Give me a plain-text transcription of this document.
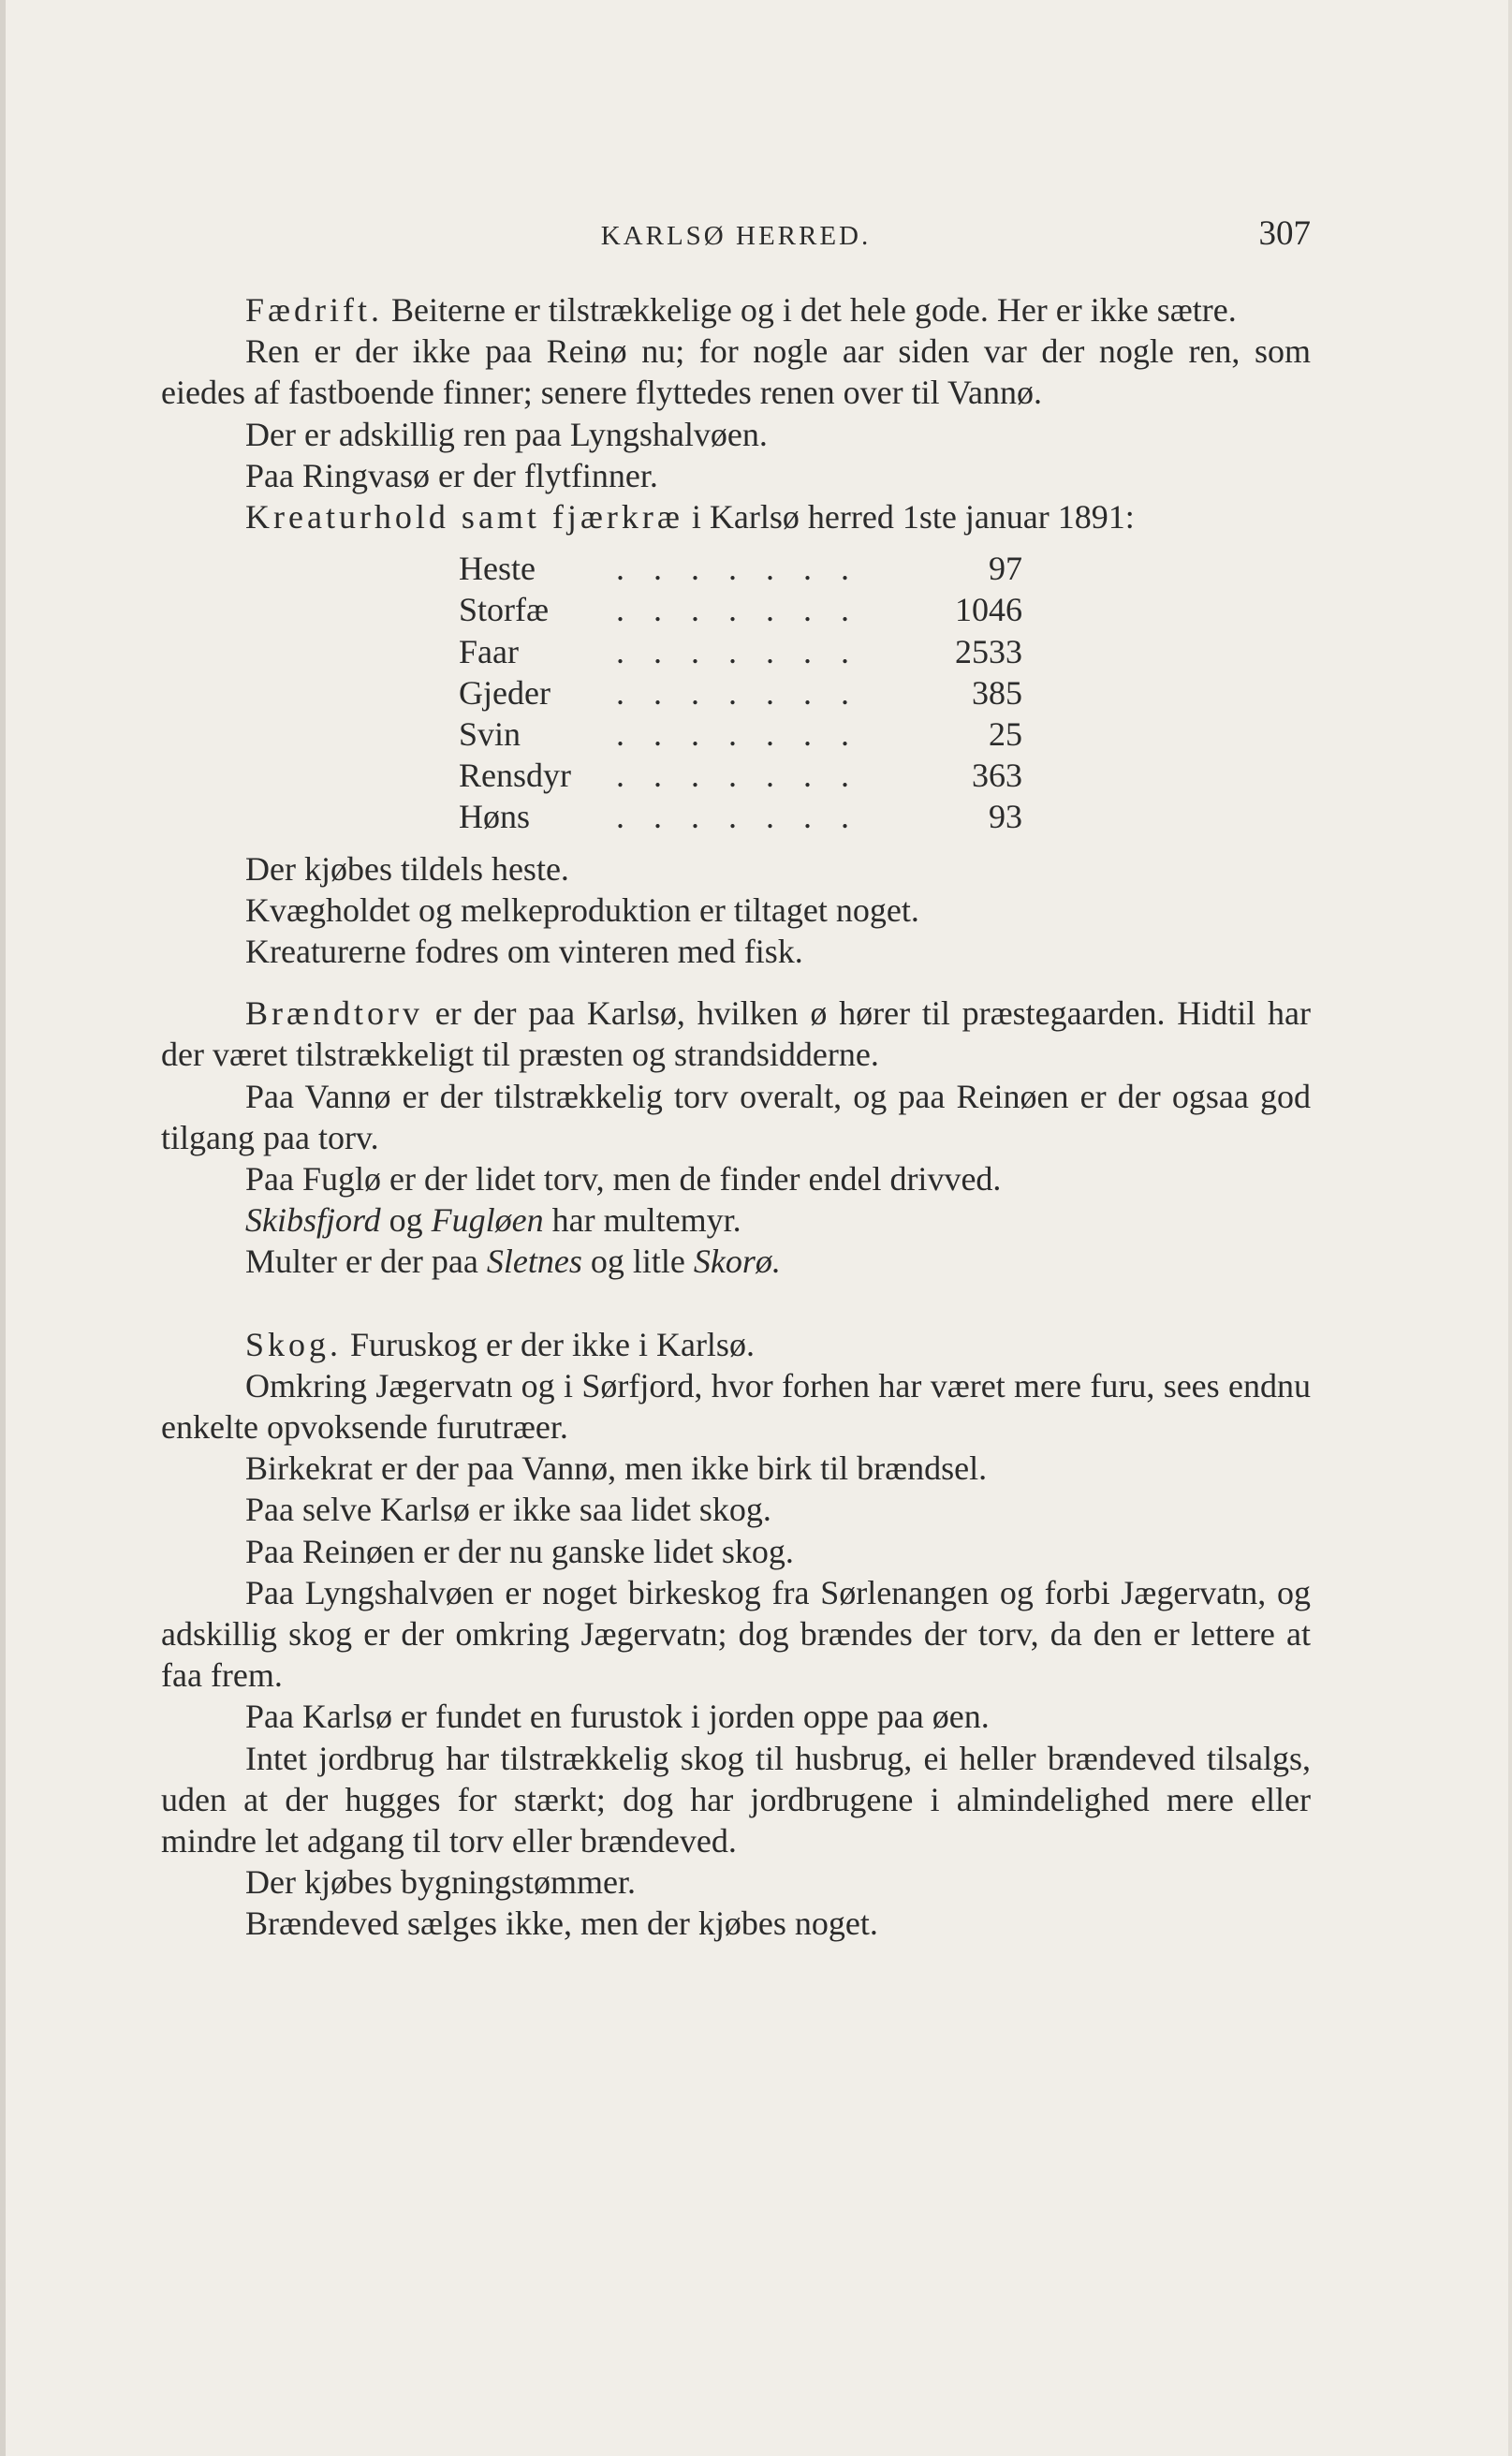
KARLSØ HERRED.	307

Fædrift. Beiterne er tilstrækkelige og i det hele gode. Her er ikke sætre.

Ren er der ikke paa Reinø nu; for nogle aar siden var der nogle ren, som eiedes af fastboende finner; senere flyttedes renen over til Vannø.

Der er adskillig ren paa Lyngshalvøen.

Paa Ringvasø er der flytfinner.

Kreaturhold samt fjærkræ i Karlsø herred 1ste januar 1891:

Heste	. . . . . . .	97
Storfæ	. . . . . . .	1046
Faar	. . . . . . .	2533
Gjeder	. . . . . . .	385
Svin	. . . . . . .	25
Rensdyr	. . . . . . .	363
Høns	. . . . . . .	93

Der kjøbes tildels heste.

Kvægholdet og melkeproduktion er tiltaget noget.

Kreaturerne fodres om vinteren med fisk.

Brændtorv er der paa Karlsø, hvilken ø hører til præstegaarden. Hidtil har der været tilstrækkeligt til præsten og strandsidderne.

Paa Vannø er der tilstrækkelig torv overalt, og paa Reinøen er der ogsaa god tilgang paa torv.

Paa Fuglø er der lidet torv, men de finder endel drivved.

Skibsfjord og Fugløen har multemyr.

Multer er der paa Sletnes og litle Skorø.

Skog. Furuskog er der ikke i Karlsø.

Omkring Jægervatn og i Sørfjord, hvor forhen har været mere furu, sees endnu enkelte opvoksende furutræer.

Birkekrat er der paa Vannø, men ikke birk til brændsel.

Paa selve Karlsø er ikke saa lidet skog.

Paa Reinøen er der nu ganske lidet skog.

Paa Lyngshalvøen er noget birkeskog fra Sørlenangen og forbi Jægervatn, og adskillig skog er der omkring Jægervatn; dog brændes der torv, da den er lettere at faa frem.

Paa Karlsø er fundet en furustok i jorden oppe paa øen.

Intet jordbrug har tilstrækkelig skog til husbrug, ei heller brændeved tilsalgs, uden at der hugges for stærkt; dog har jordbrugene i almindelighed mere eller mindre let adgang til torv eller brændeved.

Der kjøbes bygningstømmer.

Brændeved sælges ikke, men der kjøbes noget.
